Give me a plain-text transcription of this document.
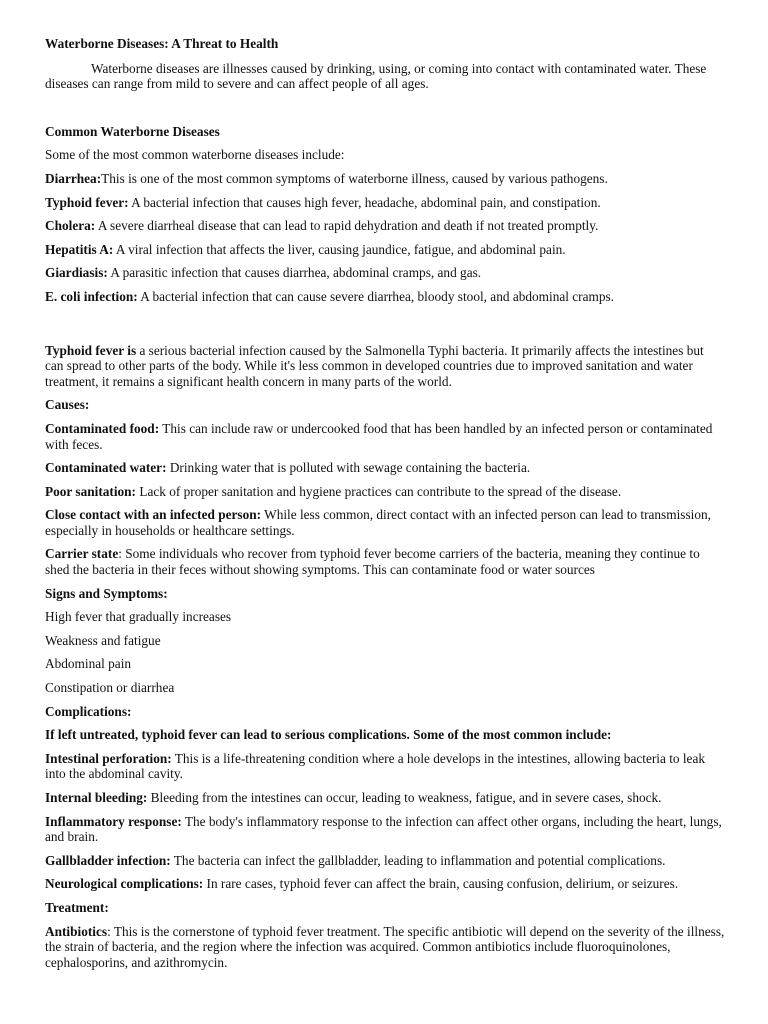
Waterborne Diseases: A Threat to Health

Waterborne diseases are illnesses caused by drinking, using, or coming into contact with contaminated water. These diseases can range from mild to severe and can affect people of all ages.

Common Waterborne Diseases

Some of the most common waterborne diseases include:

Diarrhea:This is one of the most common symptoms of waterborne illness, caused by various pathogens.

Typhoid fever: A bacterial infection that causes high fever, headache, abdominal pain, and constipation.

Cholera: A severe diarrheal disease that can lead to rapid dehydration and death if not treated promptly.

Hepatitis A: A viral infection that affects the liver, causing jaundice, fatigue, and abdominal pain.

Giardiasis: A parasitic infection that causes diarrhea, abdominal cramps, and gas.

E. coli infection: A bacterial infection that can cause severe diarrhea, bloody stool, and abdominal cramps.

Typhoid fever is a serious bacterial infection caused by the Salmonella Typhi bacteria. It primarily affects the intestines but can spread to other parts of the body. While it's less common in developed countries due to improved sanitation and water treatment, it remains a significant health concern in many parts of the world.

Causes:

Contaminated food: This can include raw or undercooked food that has been handled by an infected person or contaminated with feces.

Contaminated water: Drinking water that is polluted with sewage containing the bacteria.

Poor sanitation: Lack of proper sanitation and hygiene practices can contribute to the spread of the disease.

Close contact with an infected person: While less common, direct contact with an infected person can lead to transmission, especially in households or healthcare settings.

Carrier state: Some individuals who recover from typhoid fever become carriers of the bacteria, meaning they continue to shed the bacteria in their feces without showing symptoms. This can contaminate food or water sources

Signs and Symptoms:

High fever that gradually increases

Weakness and fatigue

Abdominal pain

Constipation or diarrhea

Complications:

If left untreated, typhoid fever can lead to serious complications. Some of the most common include:

Intestinal perforation: This is a life-threatening condition where a hole develops in the intestines, allowing bacteria to leak into the abdominal cavity.

Internal bleeding: Bleeding from the intestines can occur, leading to weakness, fatigue, and in severe cases, shock.

Inflammatory response: The body's inflammatory response to the infection can affect other organs, including the heart, lungs, and brain.

Gallbladder infection: The bacteria can infect the gallbladder, leading to inflammation and potential complications.

Neurological complications: In rare cases, typhoid fever can affect the brain, causing confusion, delirium, or seizures.

Treatment:

Antibiotics: This is the cornerstone of typhoid fever treatment. The specific antibiotic will depend on the severity of the illness, the strain of bacteria, and the region where the infection was acquired. Common antibiotics include fluoroquinolones, cephalosporins, and azithromycin.
